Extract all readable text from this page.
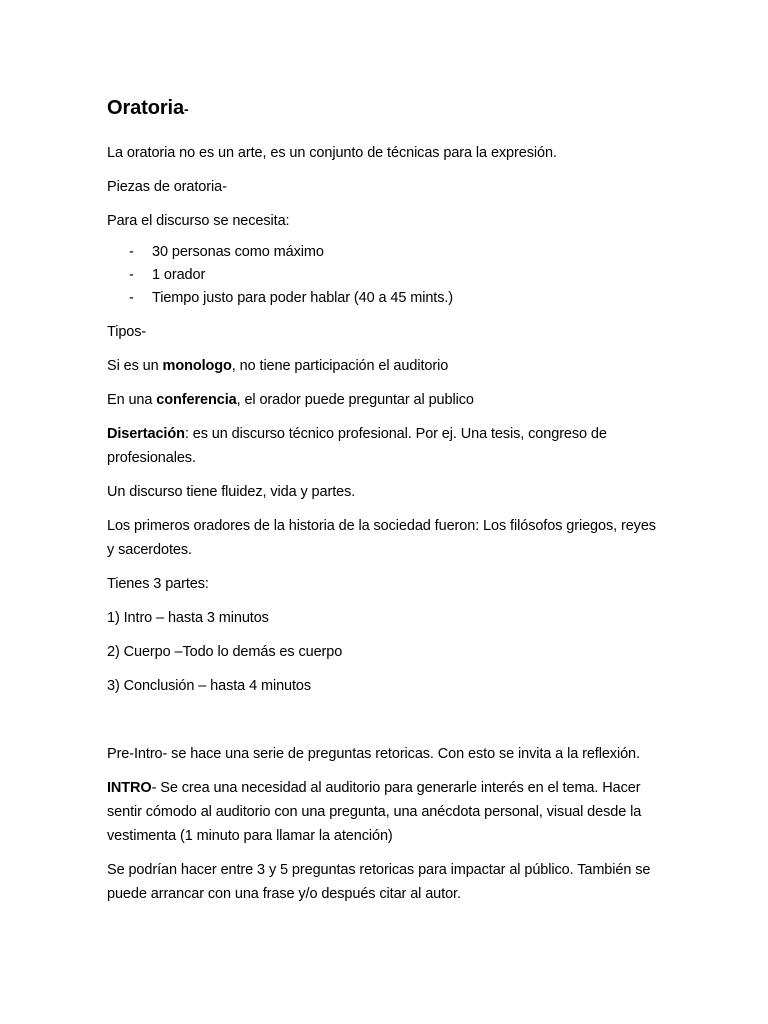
Oratoria-

La oratoria no es un arte, es un conjunto de técnicas para la expresión.

Piezas de oratoria-

Para el discurso se necesita:

- 30 personas como máximo
- 1 orador
- Tiempo justo para poder hablar (40 a 45 mints.)

Tipos-

Si es un monologo, no tiene participación el auditorio

En una conferencia, el orador puede preguntar al publico

Disertación: es un discurso técnico profesional. Por ej. Una tesis, congreso de profesionales.

Un discurso tiene fluidez, vida y partes.

Los primeros oradores de la historia de la sociedad fueron: Los filósofos griegos, reyes y sacerdotes.

Tienes 3 partes:

1) Intro – hasta 3 minutos

2) Cuerpo –Todo lo demás es cuerpo

3) Conclusión – hasta 4 minutos

Pre-Intro- se hace una serie de preguntas retoricas. Con esto se invita a la reflexión.

INTRO- Se crea una necesidad al auditorio para generarle interés en el tema. Hacer sentir cómodo al auditorio con una pregunta, una anécdota personal, visual desde la vestimenta (1 minuto para llamar la atención)

Se podrían hacer entre 3 y 5 preguntas retoricas para impactar al público. También se puede arrancar con una frase y/o después citar al autor.
